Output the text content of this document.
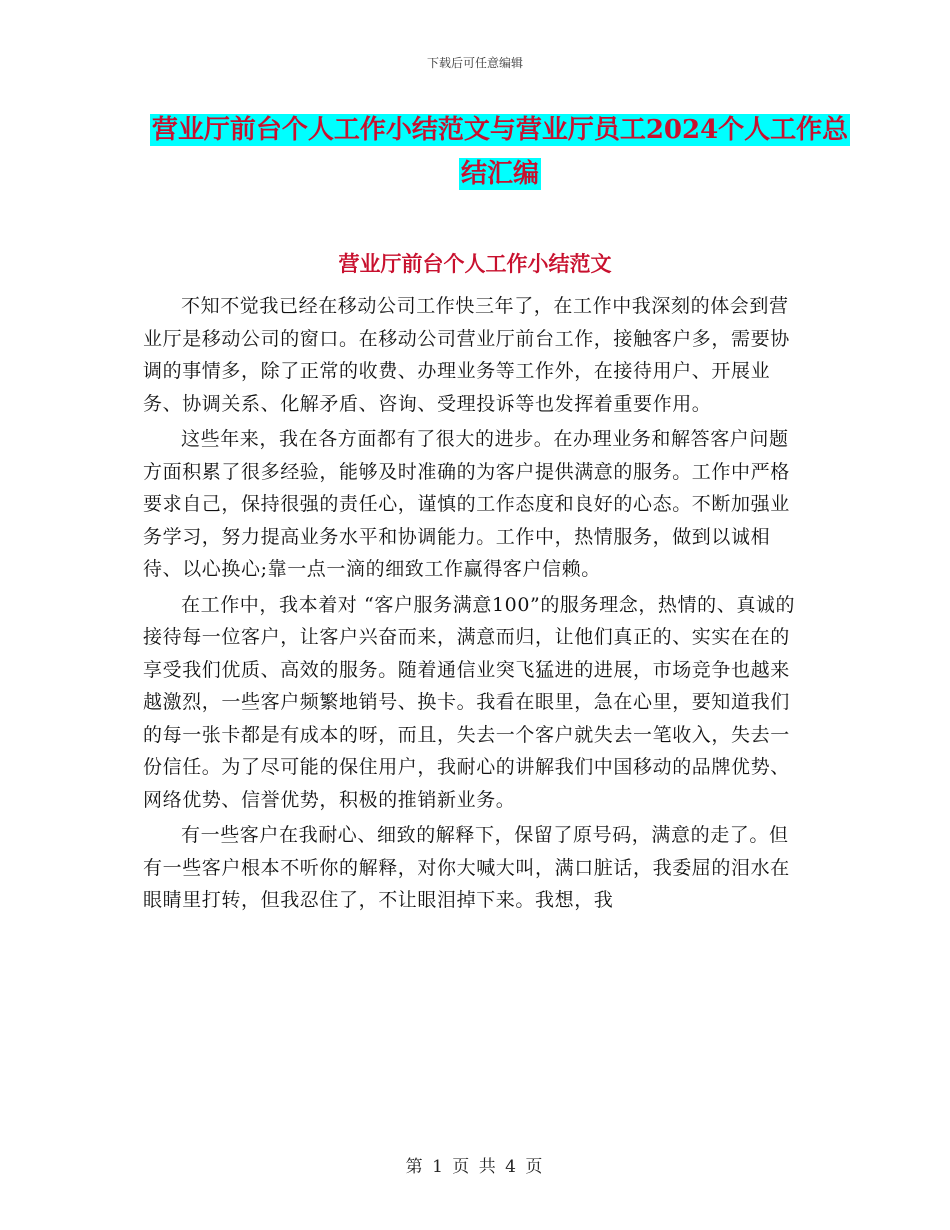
下载后可任意编辑
营业厅前台个人工作小结范文与营业厅员工2024个人工作总结汇编
营业厅前台个人工作小结范文

不知不觉我已经在移动公司工作快三年了，在工作中我深刻的体会到营业厅是移动公司的窗口。在移动公司营业厅前台工作，接触客户多，需要协调的事情多，除了正常的收费、办理业务等工作外，在接待用户、开展业务、协调关系、化解矛盾、咨询、受理投诉等也发挥着重要作用。

这些年来，我在各方面都有了很大的进步。在办理业务和解答客户问题方面积累了很多经验，能够及时准确的为客户提供满意的服务。工作中严格要求自己，保持很强的责任心，谨慎的工作态度和良好的心态。不断加强业务学习，努力提高业务水平和协调能力。工作中，热情服务，做到以诚相待、以心换心;靠一点一滴的细致工作赢得客户信赖。

在工作中，我本着对 “客户服务满意100”的服务理念，热情的、真诚的接待每一位客户，让客户兴奋而来，满意而归，让他们真正的、实实在在的享受我们优质、高效的服务。随着通信业突飞猛进的进展，市场竞争也越来越激烈，一些客户频繁地销号、换卡。我看在眼里，急在心里，要知道我们的每一张卡都是有成本的呀，而且，失去一个客户就失去一笔收入，失去一份信任。为了尽可能的保住用户，我耐心的讲解我们中国移动的品牌优势、网络优势、信誉优势，积极的推销新业务。

有一些客户在我耐心、细致的解释下，保留了原号码，满意的走了。但有一些客户根本不听你的解释，对你大喊大叫，满口脏话，我委屈的泪水在眼睛里打转，但我忍住了，不让眼泪掉下来。我想，我

第 1 页 共 4 页
